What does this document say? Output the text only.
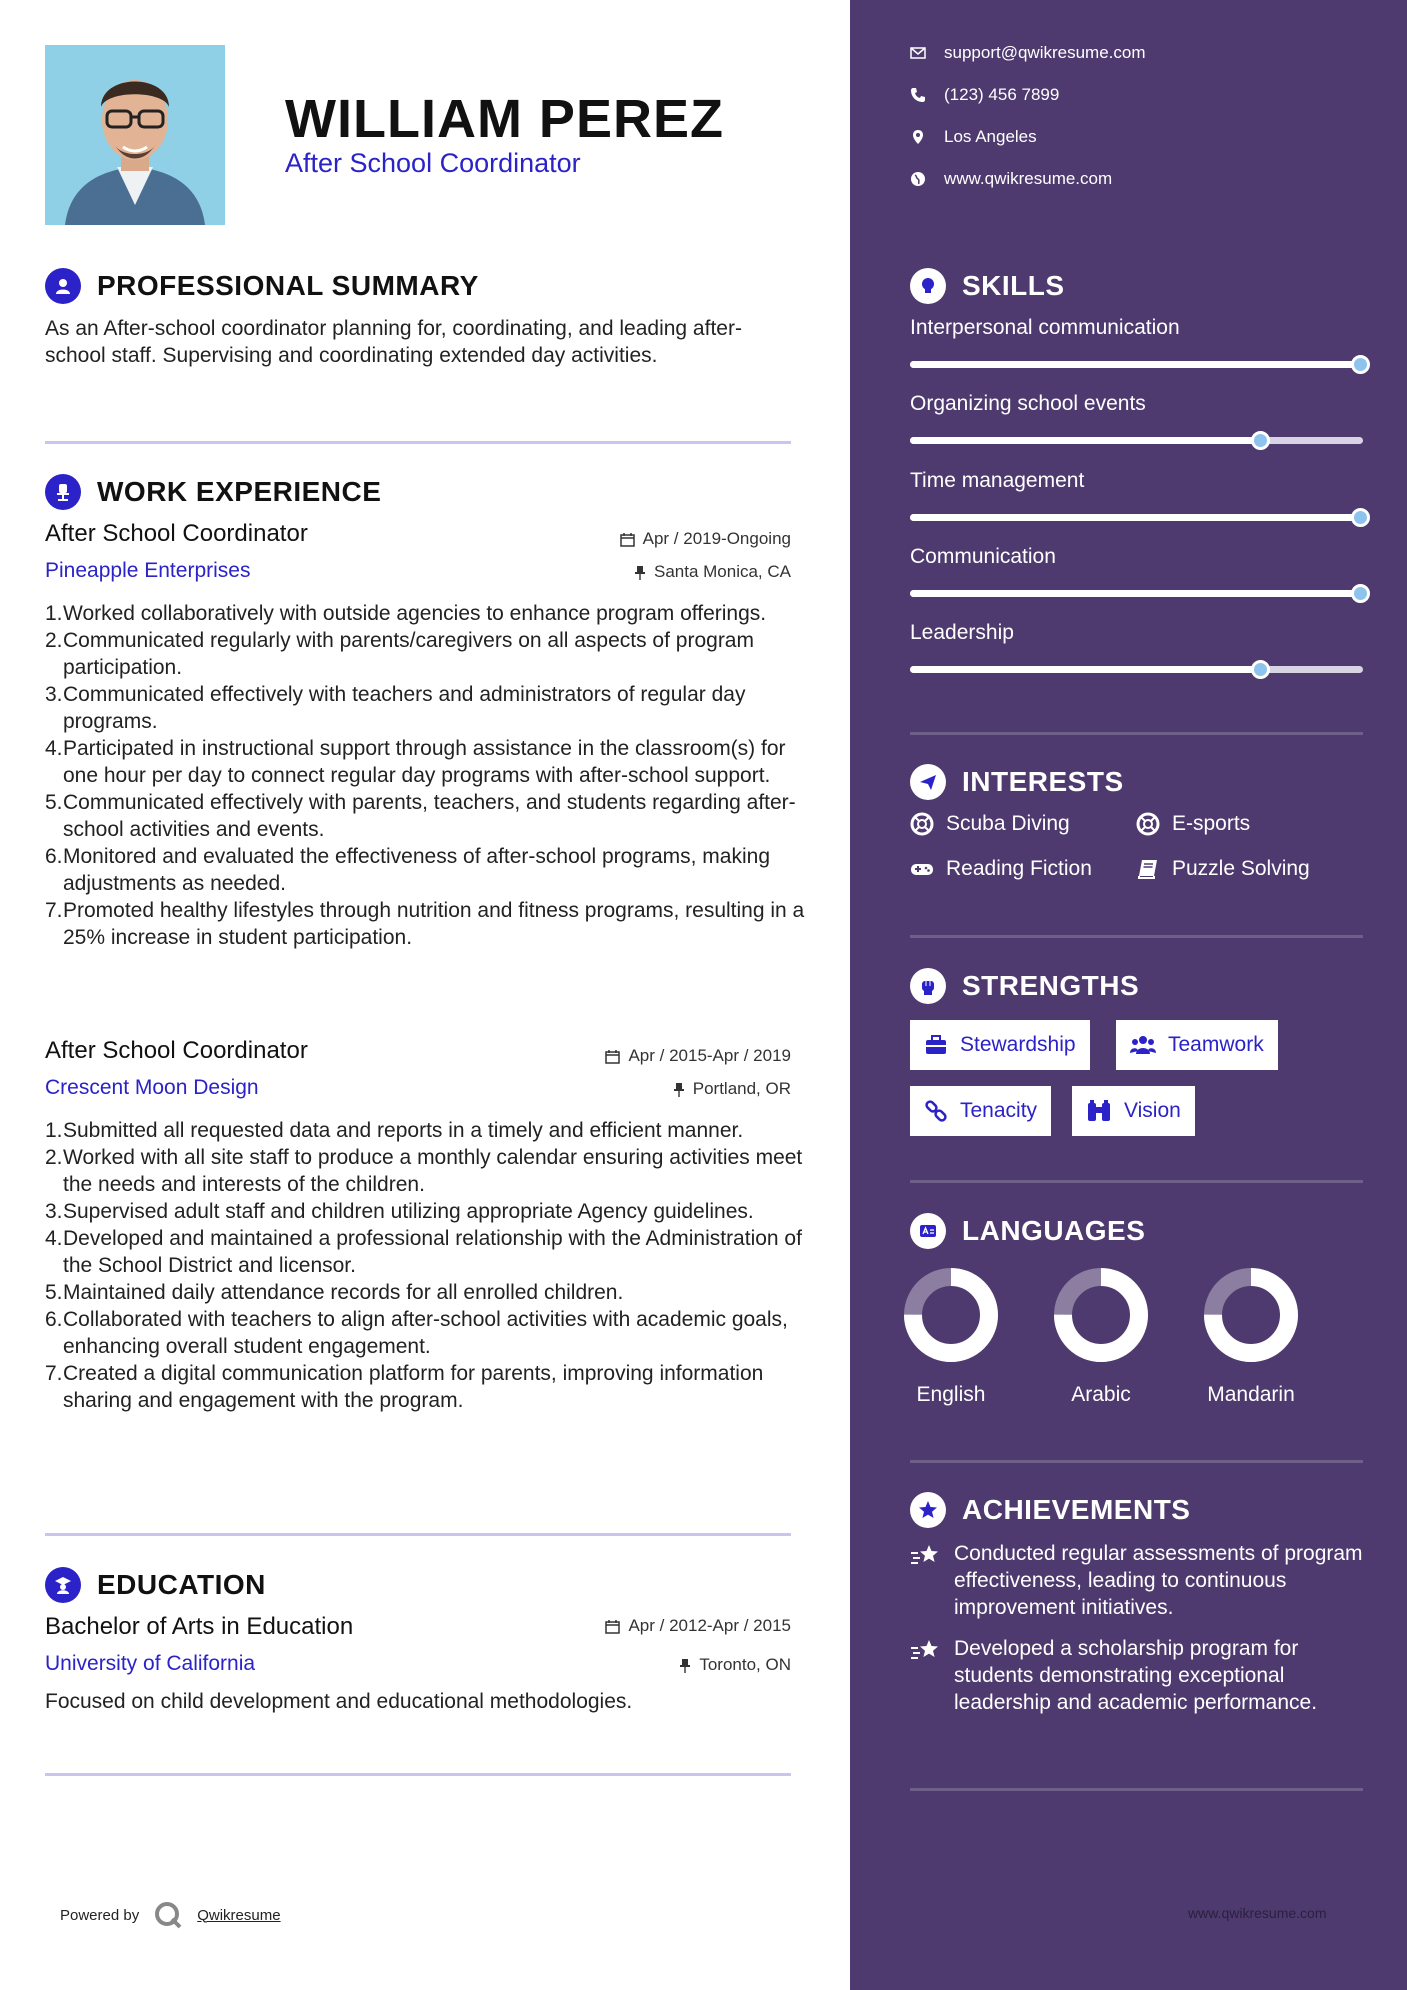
WILLIAM PEREZ
After School Coordinator
PROFESSIONAL SUMMARY
As an After-school coordinator planning for, coordinating, and leading after-school staff. Supervising and coordinating extended day activities.
WORK EXPERIENCE
After School Coordinator	Apr / 2019-Ongoing
Pineapple Enterprises	Santa Monica, CA
1. Worked collaboratively with outside agencies to enhance program offerings.
2. Communicated regularly with parents/caregivers on all aspects of program participation.
3. Communicated effectively with teachers and administrators of regular day programs.
4. Participated in instructional support through assistance in the classroom(s) for one hour per day to connect regular day programs with after-school support.
5. Communicated effectively with parents, teachers, and students regarding after-school activities and events.
6. Monitored and evaluated the effectiveness of after-school programs, making adjustments as needed.
7. Promoted healthy lifestyles through nutrition and fitness programs, resulting in a 25% increase in student participation.
After School Coordinator	Apr / 2015-Apr / 2019
Crescent Moon Design	Portland, OR
1. Submitted all requested data and reports in a timely and efficient manner.
2. Worked with all site staff to produce a monthly calendar ensuring activities meet the needs and interests of the children.
3. Supervised adult staff and children utilizing appropriate Agency guidelines.
4. Developed and maintained a professional relationship with the Administration of the School District and licensor.
5. Maintained daily attendance records for all enrolled children.
6. Collaborated with teachers to align after-school activities with academic goals, enhancing overall student engagement.
7. Created a digital communication platform for parents, improving information sharing and engagement with the program.
EDUCATION
Bachelor of Arts in Education	Apr / 2012-Apr / 2015
University of California	Toronto, ON
Focused on child development and educational methodologies.
Powered by	Qwikresume
support@qwikresume.com
(123) 456 7899
Los Angeles
www.qwikresume.com
SKILLS
Interpersonal communication
Organizing school events
Time management
Communication
Leadership
INTERESTS
Scuba Diving	E-sports
Reading Fiction	Puzzle Solving
STRENGTHS
Stewardship	Teamwork
Tenacity	Vision
LANGUAGES
English	Arabic	Mandarin
ACHIEVEMENTS
Conducted regular assessments of program effectiveness, leading to continuous improvement initiatives.
Developed a scholarship program for students demonstrating exceptional leadership and academic performance.
www.qwikresume.com
